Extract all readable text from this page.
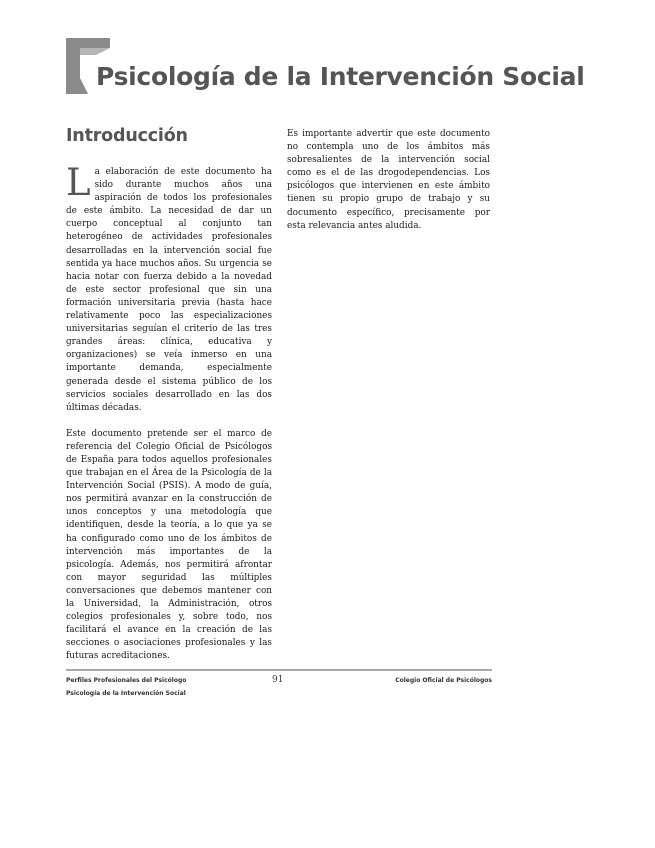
Psicología de la Intervención Social
Introducción

La elaboración de este documento ha sido durante muchos años una aspiración de todos los profesionales de este ámbito. La necesidad de dar un cuerpo conceptual al conjunto tan heterogéneo de actividades profesionales desarrolladas en la intervención social fue sentida ya hace muchos años. Su urgencia se hacia notar con fuerza debido a la novedad de este sector profesional que sin una formación universitaria previa (hasta hace relativamente poco las especializaciones universitarias seguían el criterio de las tres grandes áreas: clínica, educativa y organizaciones) se veía inmerso en una importante demanda, especialmente generada desde el sistema público de los servicios sociales desarrollado en las dos últimas décadas.

Este documento pretende ser el marco de referencia del Colegio Oficial de Psicólogos de España para todos aquellos profesionales que trabajan en el Área de la Psicología de la Intervención Social (PSIS). A modo de guía, nos permitirá avanzar en la construcción de unos conceptos y una metodología que identifiquen, desde la teoría, a lo que ya se ha configurado como uno de los ámbitos de intervención más importantes de la psicología. Además, nos permitirá afrontar con mayor seguridad las múltiples conversaciones que debemos mantener con la Universidad, la Administración, otros colegios profesionales y, sobre todo, nos facilitará el avance en la creación de las secciones o asociaciones profesionales y las futuras acreditaciones.

Es importante advertir que este documento no contempla uno de los ámbitos más sobresalientes de la intervención social como es el de las drogodependencias. Los psicólogos que intervienen en este ámbito tienen su propio grupo de trabajo y su documento específico, precisamente por esta relevancia antes aludida.

Perfiles Profesionales del Psicólogo
Psicología de la Intervención Social
91	Colegio Oficial de Psicólogos
